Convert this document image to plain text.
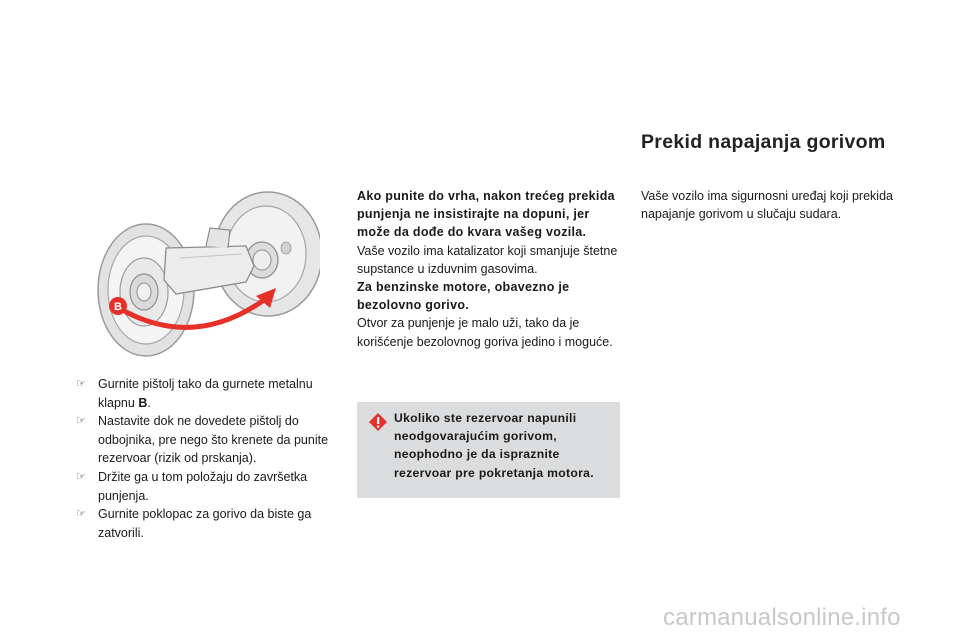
B
☞ Gurnite pištolj tako da gurnete metalnu klapnu B.
☞ Nastavite dok ne dovedete pištolj do odbojnika, pre nego što krenete da punite rezervoar (rizik od prskanja).
☞ Držite ga u tom položaju do završetka punjenja.
☞ Gurnite poklopac za gorivo da biste ga zatvorili.

Ako punite do vrha, nakon trećeg prekida punjenja ne insistirajte na dopuni, jer može da dođe do kvara vašeg vozila.

Vaše vozilo ima katalizator koji smanjuje štetne supstance u izduvnim gasovima.

Za benzinske motore, obavezno je bezolovno gorivo.

Otvor za punjenje je malo uži, tako da je korišćenje bezolovnog goriva jedino i moguće.

Ukoliko ste rezervoar napunili neodgovarajućim gorivom, neophodno je da ispraznite rezervoar pre pokretanja motora.
Prekid napajanja gorivom

Vaše vozilo ima sigurnosni uređaj koji prekida napajanje gorivom u slučaju sudara.

carmanualsonline.info
